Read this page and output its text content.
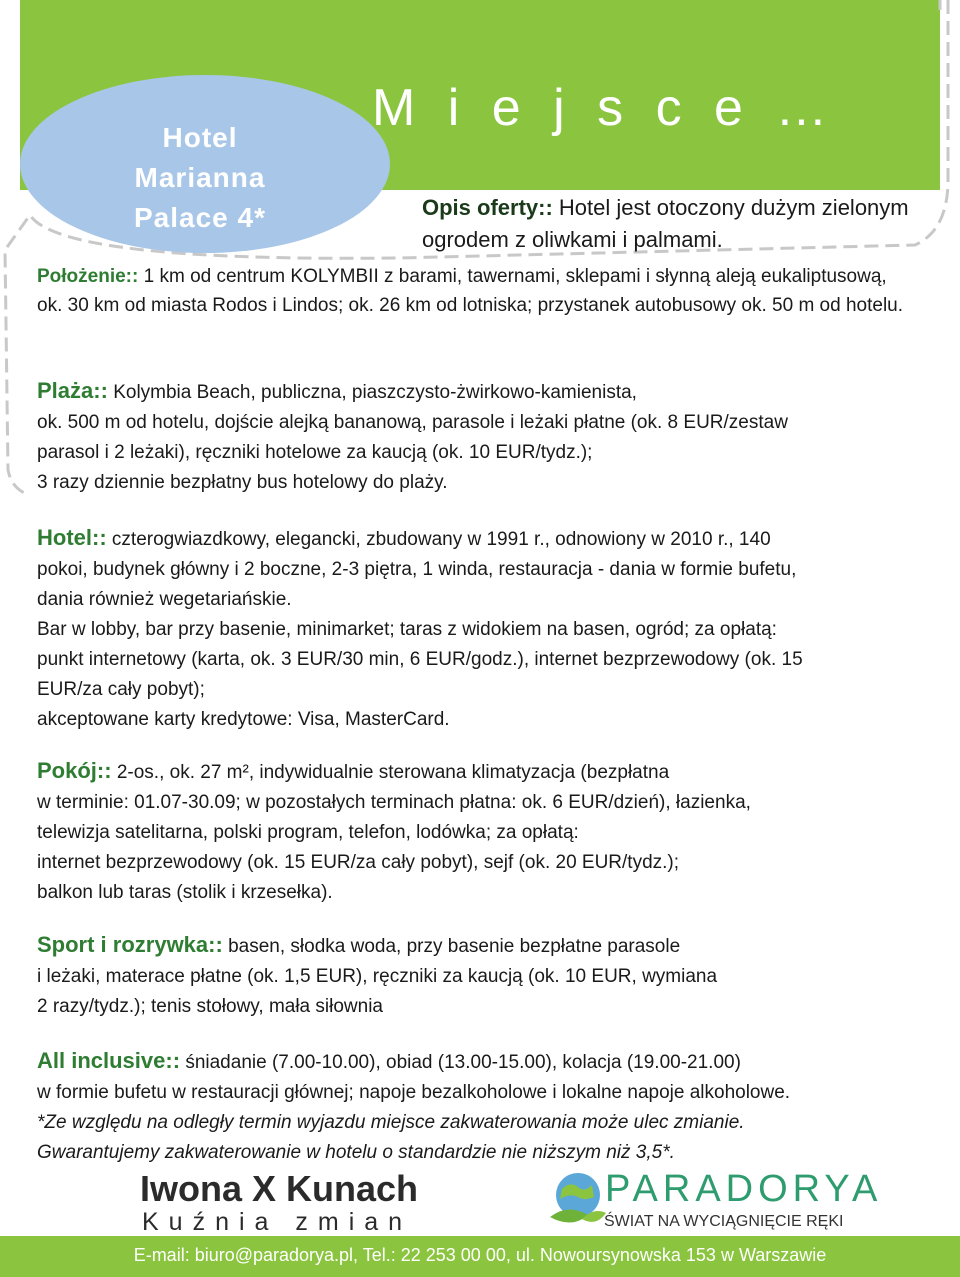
M i e j s c e …
Hotel
Marianna
Palace 4*	Opis oferty:: Hotel jest otoczony dużym zielonym ogrodem z oliwkami i palmami.
Położenie:: 1 km od centrum KOLYMBII z barami, tawernami, sklepami i słynną aleją eukaliptusową, ok. 30 km od miasta Rodos i Lindos; ok. 26 km od lotniska; przystanek autobusowy ok. 50 m od hotelu.
Plaża:: Kolymbia Beach, publiczna, piaszczysto-żwirkowo-kamienista,
ok. 500 m od hotelu, dojście alejką bananową, parasole i leżaki płatne (ok. 8 EUR/zestaw
parasol i 2 leżaki), ręczniki hotelowe za kaucją (ok. 10 EUR/tydz.);
3 razy dziennie bezpłatny bus hotelowy do plaży.
Hotel:: czterogwiazdkowy, elegancki, zbudowany w 1991 r., odnowiony w 2010 r., 140
pokoi, budynek główny i 2 boczne, 2-3 piętra, 1 winda, restauracja - dania w formie bufetu,
dania również wegetariańskie.
Bar w lobby, bar przy basenie, minimarket; taras z widokiem na basen, ogród; za opłatą:
punkt internetowy (karta, ok. 3 EUR/30 min, 6 EUR/godz.), internet bezprzewodowy (ok. 15
EUR/za cały pobyt);
akceptowane karty kredytowe: Visa, MasterCard.
Pokój:: 2-os., ok. 27 m², indywidualnie sterowana klimatyzacja (bezpłatna
w terminie: 01.07-30.09; w pozostałych terminach płatna: ok. 6 EUR/dzień), łazienka,
telewizja satelitarna, polski program, telefon, lodówka; za opłatą:
internet bezprzewodowy (ok. 15 EUR/za cały pobyt), sejf (ok. 20 EUR/tydz.);
balkon lub taras (stolik i krzesełka).
Sport i rozrywka:: basen, słodka woda, przy basenie bezpłatne parasole
i leżaki, materace płatne (ok. 1,5 EUR), ręczniki za kaucją (ok. 10 EUR, wymiana
2 razy/tydz.); tenis stołowy, mała siłownia
All inclusive:: śniadanie (7.00-10.00), obiad (13.00-15.00), kolacja (19.00-21.00)
w formie bufetu w restauracji głównej; napoje bezalkoholowe i lokalne napoje alkoholowe.
*Ze względu na odległy termin wyjazdu miejsce zakwaterowania może ulec zmianie.
Gwarantujemy zakwaterowanie w hotelu o standardzie nie niższym niż 3,5*.
Iwona X Kunach
Kuźnia zmian
PARADORYA
ŚWIAT NA WYCIĄGNIĘCIE RĘKI
E-mail: biuro@paradorya.pl, Tel.: 22 253 00 00, ul. Nowoursynowska 153 w Warszawie
